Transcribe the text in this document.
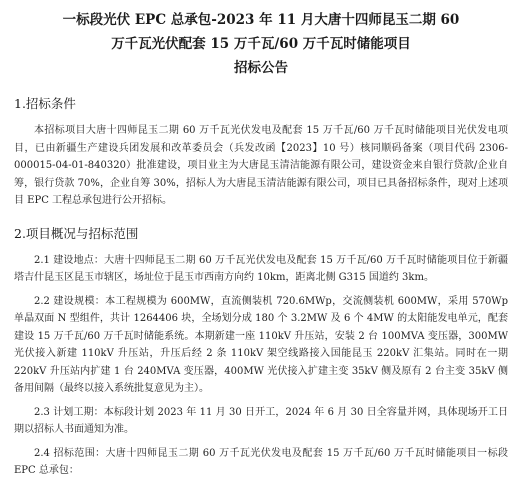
一标段光伏 EPC 总承包-2023 年 11 月大唐十四师昆玉二期 60
万千瓦光伏配套 15 万千瓦/60 万千瓦时储能项目
招标公告
1.招标条件

本招标项目大唐十四师昆玉二期 60 万千瓦光伏发电及配套 15 万千瓦/60 万千瓦时储能项目光伏发电项目，已由新疆生产建设兵团发展和改革委员会（兵发改函【2023】10 号）核同顺码备案（项目代码 2306-000015-04-01-840320）批准建设，项目业主为大唐昆玉清洁能源有限公司，建设资金来自银行贷款/企业自筹，银行贷款 70%，企业自筹 30%，招标人为大唐昆玉清洁能源有限公司，项目已具备招标条件，现对上述项目 EPC 工程总承包进行公开招标。

2.项目概况与招标范围

2.1 建设地点：大唐十四师昆玉二期 60 万千瓦光伏发电及配套 15 万千瓦/60 万千瓦时储能项目位于新疆塔吉什昆玉区昆玉市辖区，场址位于昆玉市西南方向约 10km，距离北侧 G315 国道约 3km。

2.2 建设规模：本工程规模为 600MW，直流侧装机 720.6MWp，交流侧装机 600MW，采用 570Wp 单晶双面 N 型组件，共计 1264406 块，全场划分成 180 个 3.2MW 及 6 个 4MW 的太阳能发电单元，配套建设 15 万千瓦/60 万千瓦时储能系统。本期新建一座 110kV 升压站，安装 2 台 100MVA 变压器，300MW 光伏接入新建 110kV 升压站，升压后经 2 条 110kV 架空线路接入国能昆玉 220kV 汇集站。同时在一期 220kV 升压站内扩建 1 台 240MVA 变压器，400MW 光伏接入扩建主变 35kV 侧及原有 2 台主变 35kV 侧备用间隔（最终以接入系统批复意见为主）。

2.3 计划工期：本标段计划 2023 年 11 月 30 日开工，2024 年 6 月 30 日全容量并网，具体现场开工日期以招标人书面通知为准。

2.4 招标范围：大唐十四师昆玉二期 60 万千瓦光伏发电及配套 15 万千瓦/60 万千瓦时储能项目一标段 EPC 总承包：
